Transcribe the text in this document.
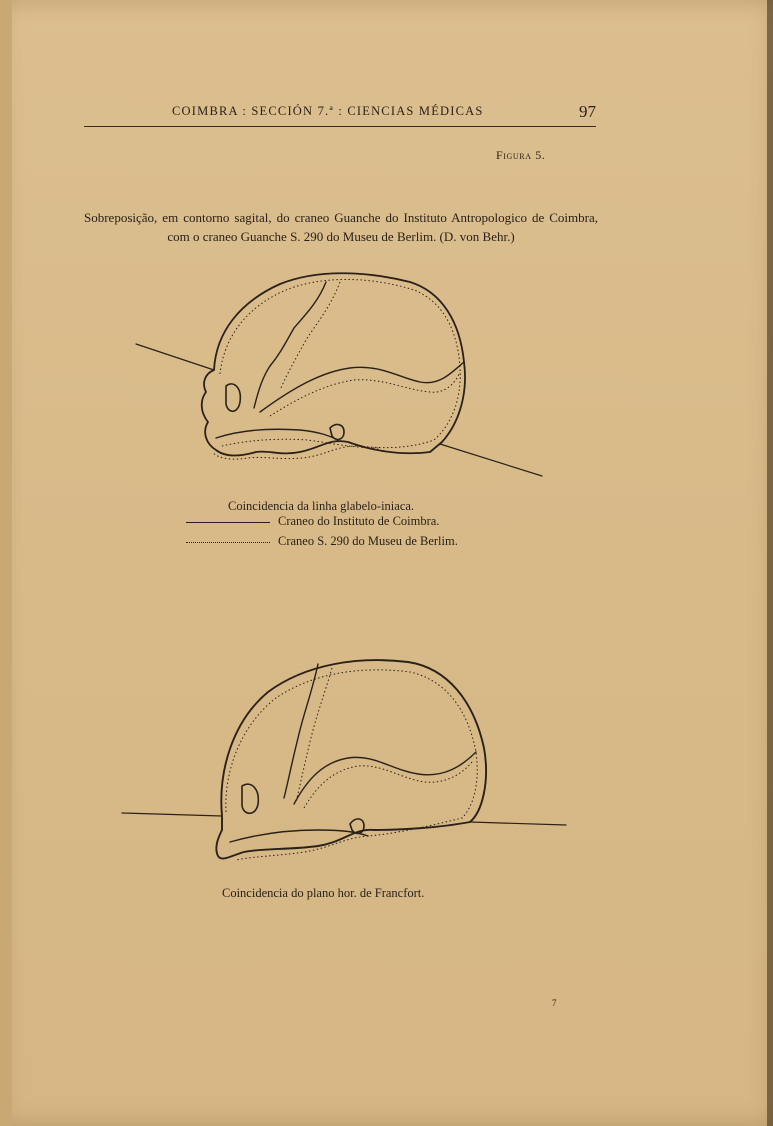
COIMBRA : SECCIÓN 7.ª : CIENCIAS MÉDICAS	97
Figura 5.
Sobreposição, em contorno sagital, do craneo Guanche do Instituto Antropologico de Coimbra, com o craneo Guanche S. 290 do Museu de Berlim. (D. von Behr.)
Coincidencia da linha glabelo-iniaca.
Craneo do Instituto de Coimbra.
Craneo S. 290 do Museu de Berlim.
Coincidencia do plano hor. de Francfort.
7
